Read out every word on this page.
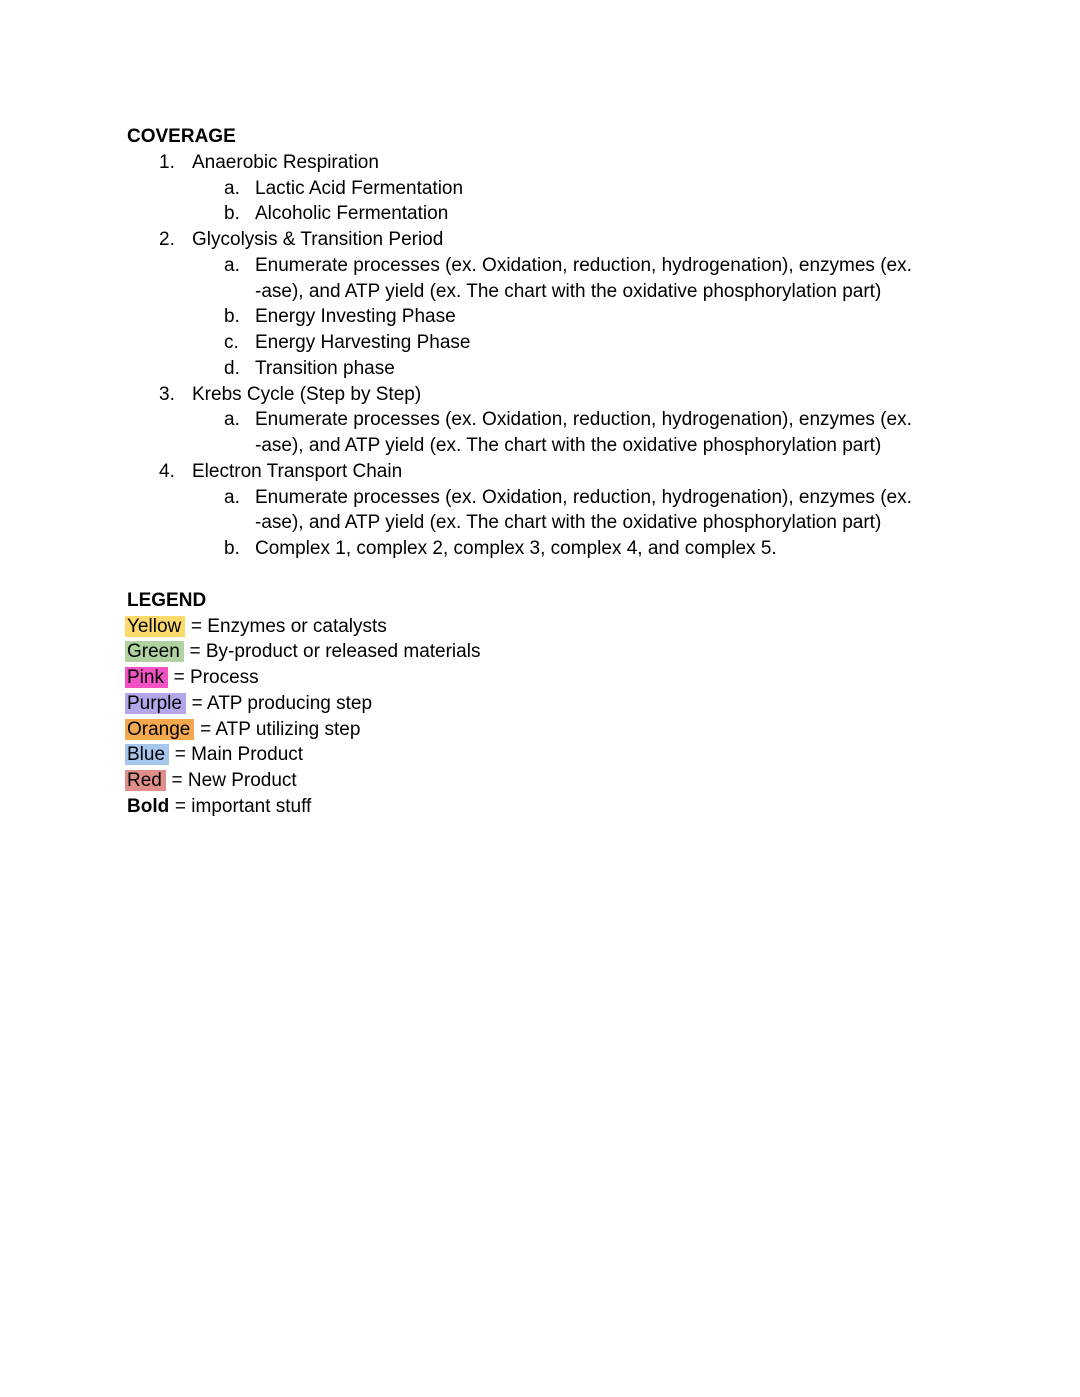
COVERAGE
1. Anaerobic Respiration
a. Lactic Acid Fermentation
b. Alcoholic Fermentation
2. Glycolysis & Transition Period
a. Enumerate processes (ex. Oxidation, reduction, hydrogenation), enzymes (ex.
-ase), and ATP yield (ex. The chart with the oxidative phosphorylation part)
b. Energy Investing Phase
c. Energy Harvesting Phase
d. Transition phase
3. Krebs Cycle (Step by Step)
a. Enumerate processes (ex. Oxidation, reduction, hydrogenation), enzymes (ex.
-ase), and ATP yield (ex. The chart with the oxidative phosphorylation part)
4. Electron Transport Chain
a. Enumerate processes (ex. Oxidation, reduction, hydrogenation), enzymes (ex.
-ase), and ATP yield (ex. The chart with the oxidative phosphorylation part)
b. Complex 1, complex 2, complex 3, complex 4, and complex 5.
LEGEND
Yellow = Enzymes or catalysts
Green = By-product or released materials
Pink = Process
Purple = ATP producing step
Orange = ATP utilizing step
Blue = Main Product
Red = New Product
Bold = important stuff
